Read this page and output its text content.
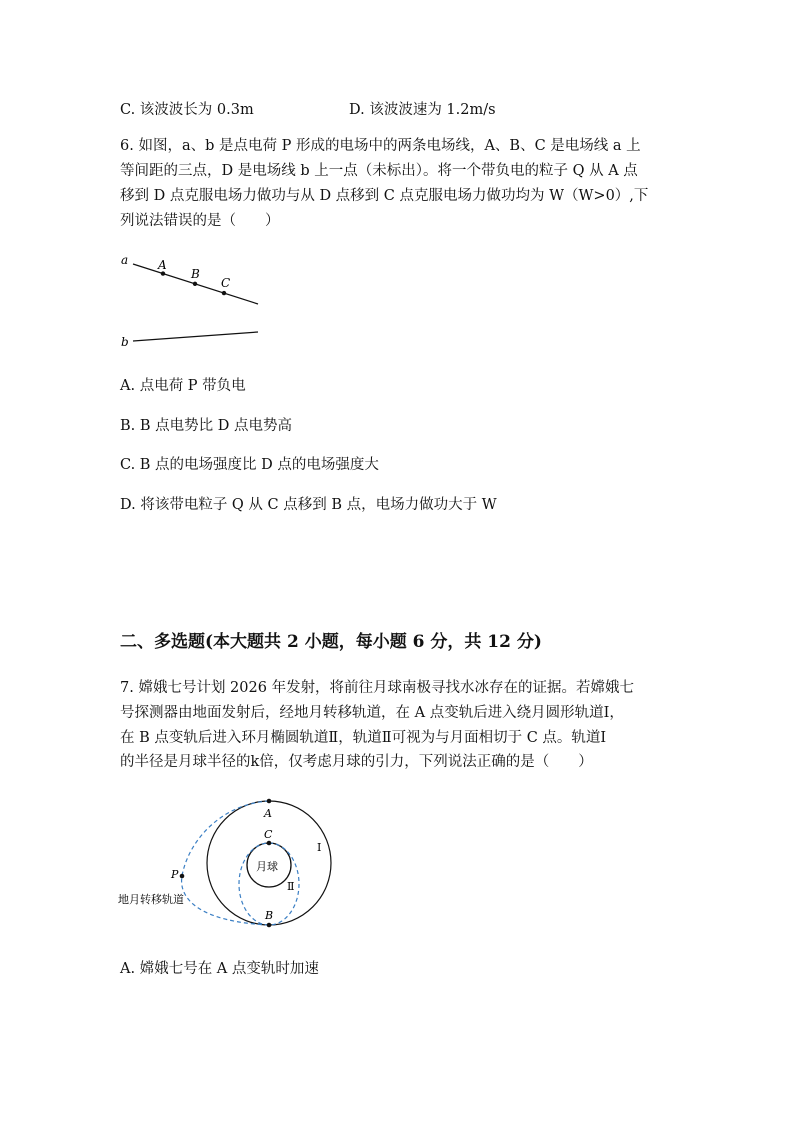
C. 该波波长为 0.3m	D. 该波波速为 1.2m/s
6. 如图，a、b 是点电荷 P 形成的电场中的两条电场线，A、B、C 是电场线 a 上
等间距的三点，D 是电场线 b 上一点（未标出）。将一个带负电的粒子 Q 从 A 点
移到 D 点克服电场力做功与从 D 点移到 C 点克服电场力做功均为 W（W>0）,下
列说法错误的是（　　）
a
b
A
B
C
A. 点电荷 P 带负电
B. B 点电势比 D 点电势高
C. B 点的电场强度比 D 点的电场强度大
D. 将该带电粒子 Q 从 C 点移到 B 点，电场力做功大于 W
二、多选题(本大题共 2 小题，每小题 6 分，共 12 分)
7. 嫦娥七号计划 2026 年发射，将前往月球南极寻找水冰存在的证据。若嫦娥七
号探测器由地面发射后，经地月转移轨道，在 A 点变轨后进入绕月圆形轨道Ⅰ，
在 B 点变轨后进入环月椭圆轨道Ⅱ，轨道Ⅱ可视为与月面相切于 C 点。轨道Ⅰ
的半径是月球半径的k倍，仅考虑月球的引力，下列说法正确的是（　　）
A
C
B
P
月球
Ⅰ
Ⅱ
地月转移轨道
A. 嫦娥七号在 A 点变轨时加速
